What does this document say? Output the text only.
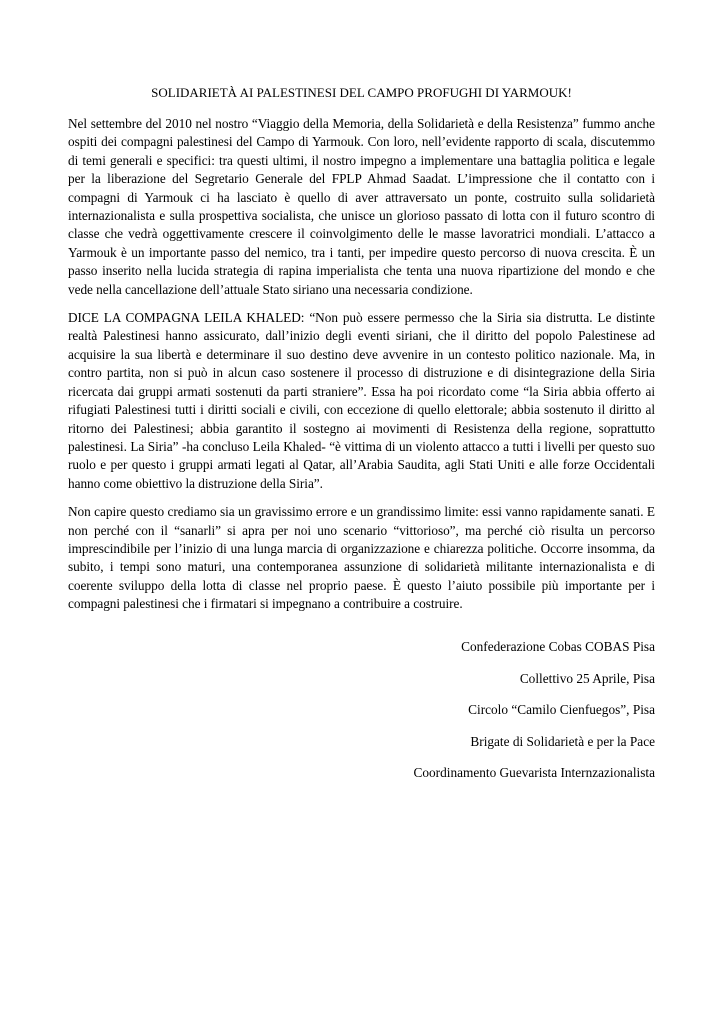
SOLIDARIETÀ AI PALESTINESI DEL CAMPO PROFUGHI DI YARMOUK!

Nel settembre del 2010 nel nostro “Viaggio della Memoria, della Solidarietà e della Resistenza” fummo anche ospiti dei compagni palestinesi del Campo di Yarmouk. Con loro, nell’evidente rapporto di scala, discutemmo di temi generali e specifici: tra questi ultimi, il nostro impegno a implementare una battaglia politica e legale per la liberazione del Segretario Generale del FPLP Ahmad Saadat. L’impressione che il contatto con i compagni di Yarmouk ci ha lasciato è quello di aver attraversato un ponte, costruito sulla solidarietà internazionalista e sulla prospettiva socialista, che unisce un glorioso passato di lotta con il futuro scontro di classe che vedrà oggettivamente crescere il coinvolgimento delle le masse lavoratrici mondiali. L’attacco a Yarmouk è un importante passo del nemico, tra i tanti, per impedire questo percorso di nuova crescita. È un passo inserito nella lucida strategia di rapina imperialista che tenta una nuova ripartizione del mondo e che vede nella cancellazione dell’attuale Stato siriano una necessaria condizione.

DICE LA COMPAGNA LEILA KHALED: “Non può essere permesso che la Siria sia distrutta. Le distinte realtà Palestinesi hanno assicurato, dall’inizio degli eventi siriani, che il diritto del popolo Palestinese ad acquisire la sua libertà e determinare il suo destino deve avvenire in un contesto politico nazionale. Ma, in contro partita, non si può in alcun caso sostenere il processo di distruzione e di disintegrazione della Siria ricercata dai gruppi armati sostenuti da parti straniere”. Essa ha poi ricordato come “la Siria abbia offerto ai rifugiati Palestinesi tutti i diritti sociali e civili, con eccezione di quello elettorale; abbia sostenuto il diritto al ritorno dei Palestinesi; abbia garantito il sostegno ai movimenti di Resistenza della regione, soprattutto palestinesi. La Siria” -ha concluso Leila Khaled- “è vittima di un violento attacco a tutti i livelli per questo suo ruolo e per questo i gruppi armati legati al Qatar, all’Arabia Saudita, agli Stati Uniti e alle forze Occidentali hanno come obiettivo la distruzione della Siria”.

Non capire questo crediamo sia un gravissimo errore e un grandissimo limite: essi vanno rapidamente sanati. E non perché con il “sanarli” si apra per noi uno scenario “vittorioso”, ma perché ciò risulta un percorso imprescindibile per l’inizio di una lunga marcia di organizzazione e chiarezza politiche. Occorre insomma, da subito, i tempi sono maturi, una contemporanea assunzione di solidarietà militante internazionalista e di coerente sviluppo della lotta di classe nel proprio paese. È questo l’aiuto possibile più importante per i compagni palestinesi che i firmatari si impegnano a contribuire a costruire.

Confederazione Cobas COBAS Pisa
Collettivo 25 Aprile, Pisa
Circolo “Camilo Cienfuegos”, Pisa
Brigate di Solidarietà e per la Pace
Coordinamento Guevarista Internzazionalista
